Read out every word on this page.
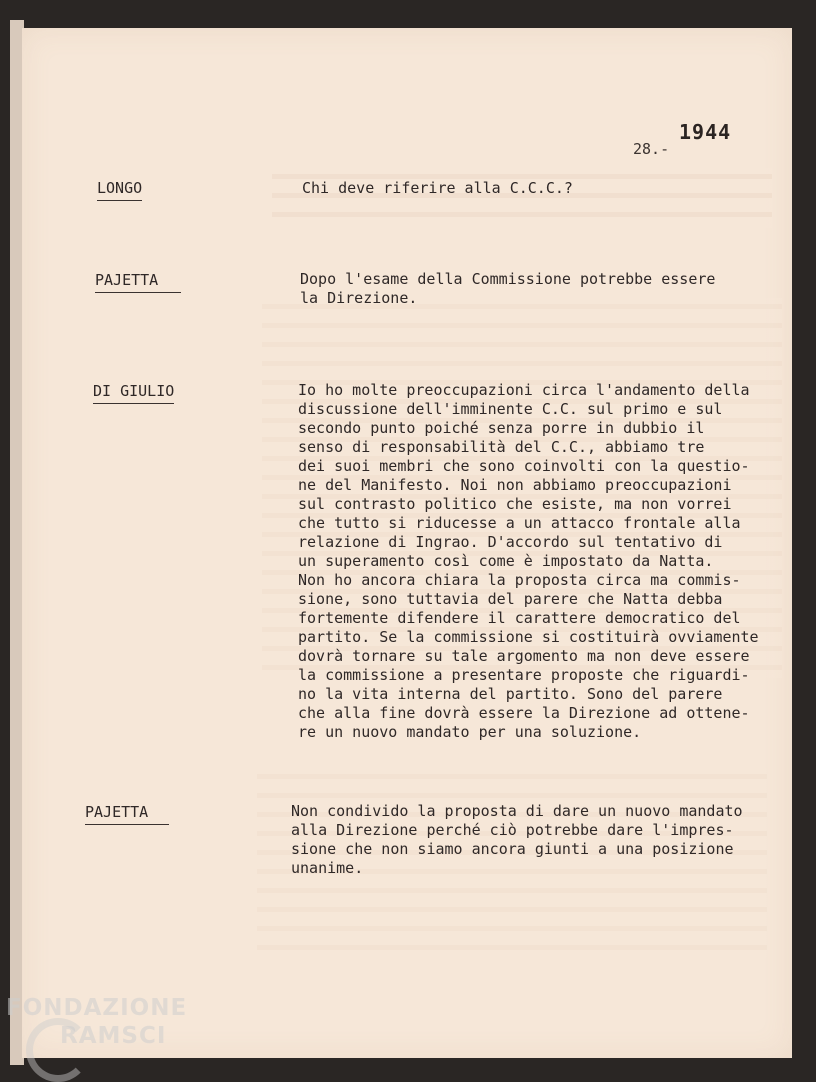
1944
28.-
LONGO	Chi deve riferire alla C.C.C.?
PAJETTA	Dopo l'esame della Commissione potrebbe essere
la Direzione.
DI GIULIO	Io ho molte preoccupazioni circa l'andamento della
discussione dell'imminente C.C. sul primo e sul
secondo punto poiché senza porre in dubbio il
senso di responsabilità del C.C., abbiamo tre
dei suoi membri che sono coinvolti con la questio-
ne del Manifesto. Noi non abbiamo preoccupazioni
sul contrasto politico che esiste, ma non vorrei
che tutto si riducesse a un attacco frontale alla
relazione di Ingrao. D'accordo sul tentativo di
un superamento così come è impostato da Natta.
Non ho ancora chiara la proposta circa ma commis-
sione, sono tuttavia del parere che Natta debba
fortemente difendere il carattere democratico del
partito. Se la commissione si costituirà ovviamente
dovrà tornare su tale argomento ma non deve essere
la commissione a presentare proposte che riguardi-
no la vita interna del partito. Sono del parere
che alla fine dovrà essere la Direzione ad ottene-
re un nuovo mandato per una soluzione.
PAJETTA	Non condivido la proposta di dare un nuovo mandato
alla Direzione perché ciò potrebbe dare l'impres-
sione che non siamo ancora giunti a una posizione
unanime.
FONDAZIONE
RAMSCI
